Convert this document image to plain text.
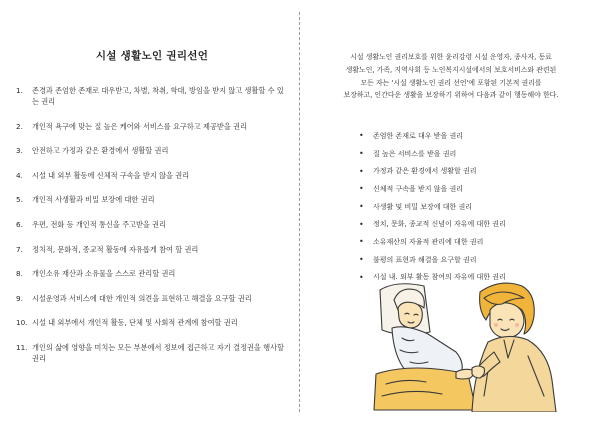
시설 생활노인 권리선언
1.	존경과 존엄한 존재로 대우받고, 차별, 착취, 학대, 방임을 받지 않고 생활할 수 있는 권리
2.	개인적 욕구에 맞는 질 높은 케어와 서비스를 요구하고 제공받을 권리
3.	안전하고 가정과 같은 환경에서 생활할 권리
4.	시설 내 외부 활동에 신체적 구속을 받지 않을 권리
5.	개인적 사생활과 비밀 보장에 대한 권리
6.	우편, 전화 등 개인적 통신을 주고받을 권리
7.	정치적, 문화적, 종교적 활동에 자유롭게 참여 할 권리
8.	개인소유 재산과 소유물을 스스로 관리할 권리
9.	시설운영과 서비스에 대한 개인적 의견을 표현하고 해결을 요구할 권리
10. 시설 내 외부에서 개인적 활동, 단체 및 사회적 관계에 참여할 권리
11. 개인의 삶에 영향을 미치는 모든 부분에서 정보에 접근하고 자기 결정권을 행사할 권리

시설 생활노인 권리보호를 위한 윤리강령 시설 운영자, 종사자, 동료
생활노인, 가족, 지역사회 등 노인복지시설에서의 보호서비스와 관련된
모든 자는 '시설 생활노인 권리 선언'에 포함된 기본적 권리를
보장하고, 인간다운 생활을 보장하기 위하여 다음과 같이 행동해야 한다.

•	존엄한 존재로 대우 받을 권리
•	질 높은 서비스를 받을 권리
•	가정과 같은 환경에서 생활할 권리
•	신체적 구속을 받지 않을 권리
•	사생활 및 비밀 보장에 대한 권리
•	정치, 문화, 종교적 신념이 자유에 대한 권리
•	소유재산의 자율적 관리에 대한 권리
•	불평의 표현과 해결을 요구할 권리
•	시설 내. 외부 활동 참여의 자유에 대한 권리
